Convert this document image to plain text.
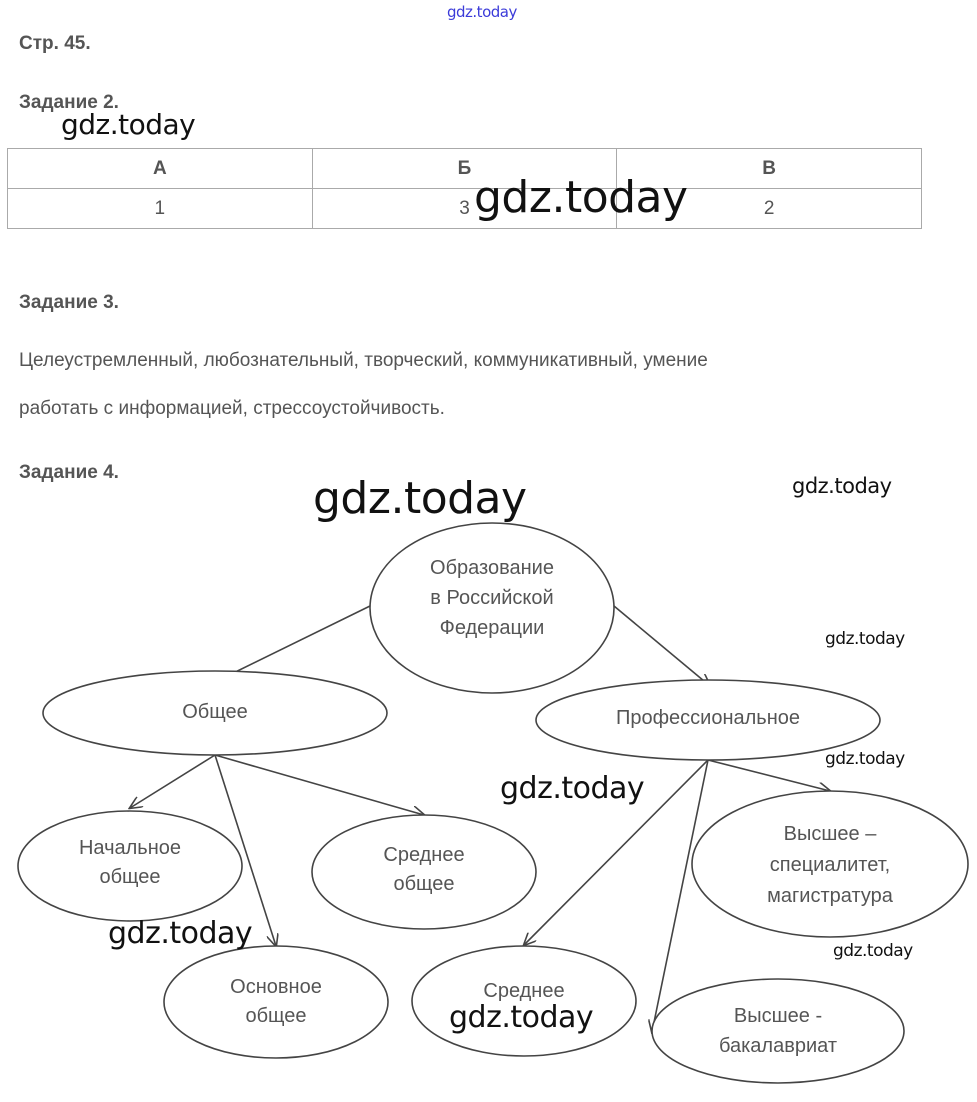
gdz.today
Стр. 45.
Задание 2.
А	Б	В
1	3	2
Задание 3.
Целеустремленный, любознательный, творческий, коммуникативный, умение
работать с информацией, стрессоустойчивость.
Задание 4.
Образование
в Российской
Федерации
Общее	Профессиональное
Начальное
общее
Среднее
общее
Основное
общее
Высшее –
специалитет,
магистратура
Среднее
Высшее -
бакалавриат
gdz.today
gdz.today
gdz.today	gdz.today
gdz.today
gdz.today
gdz.today
gdz.today	gdz.today
gdz.today
